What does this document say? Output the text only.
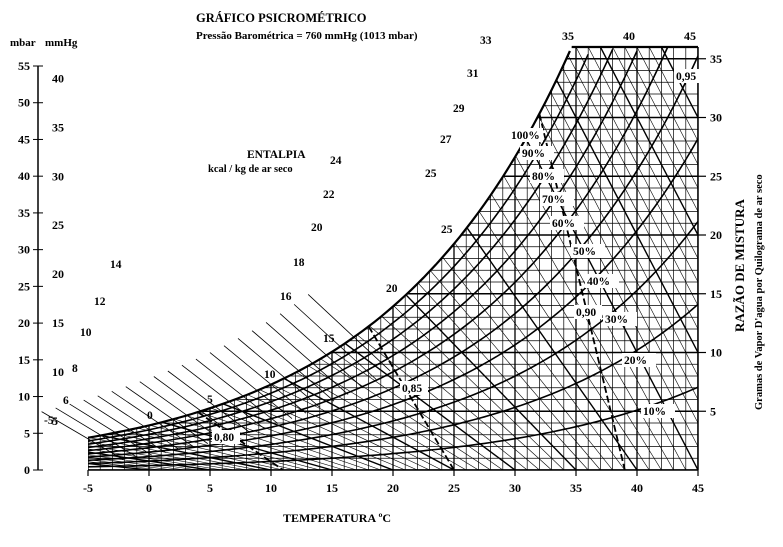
-5	0	5	10	15	20	25	30	35	40	45
35	40	45
0
5
10
15
20
25
30
35
40
45
50
55
5
10
15
20
25
30
35
40
5
10
15
20
25
30
35
-5	0
5
10
15
20
25
6
8
10
12
14
16
18
20
22
24
25
27
29
31
33
0,80
0,85
0,90
0,95
100%
90%
80%
70%
60%
50%
40%
30%
20%
10%
GRÁFICO PSICROMÉTRICO
Pressão Barométrica = 760 mmHg (1013 mbar)
mbar mmHg
ENTALPIA
kcal / kg de ar seco
TEMPERATURA ºC
RAZÃO DE MISTURA Gramas de Vapor D'agua por Quilograma de ar seco
